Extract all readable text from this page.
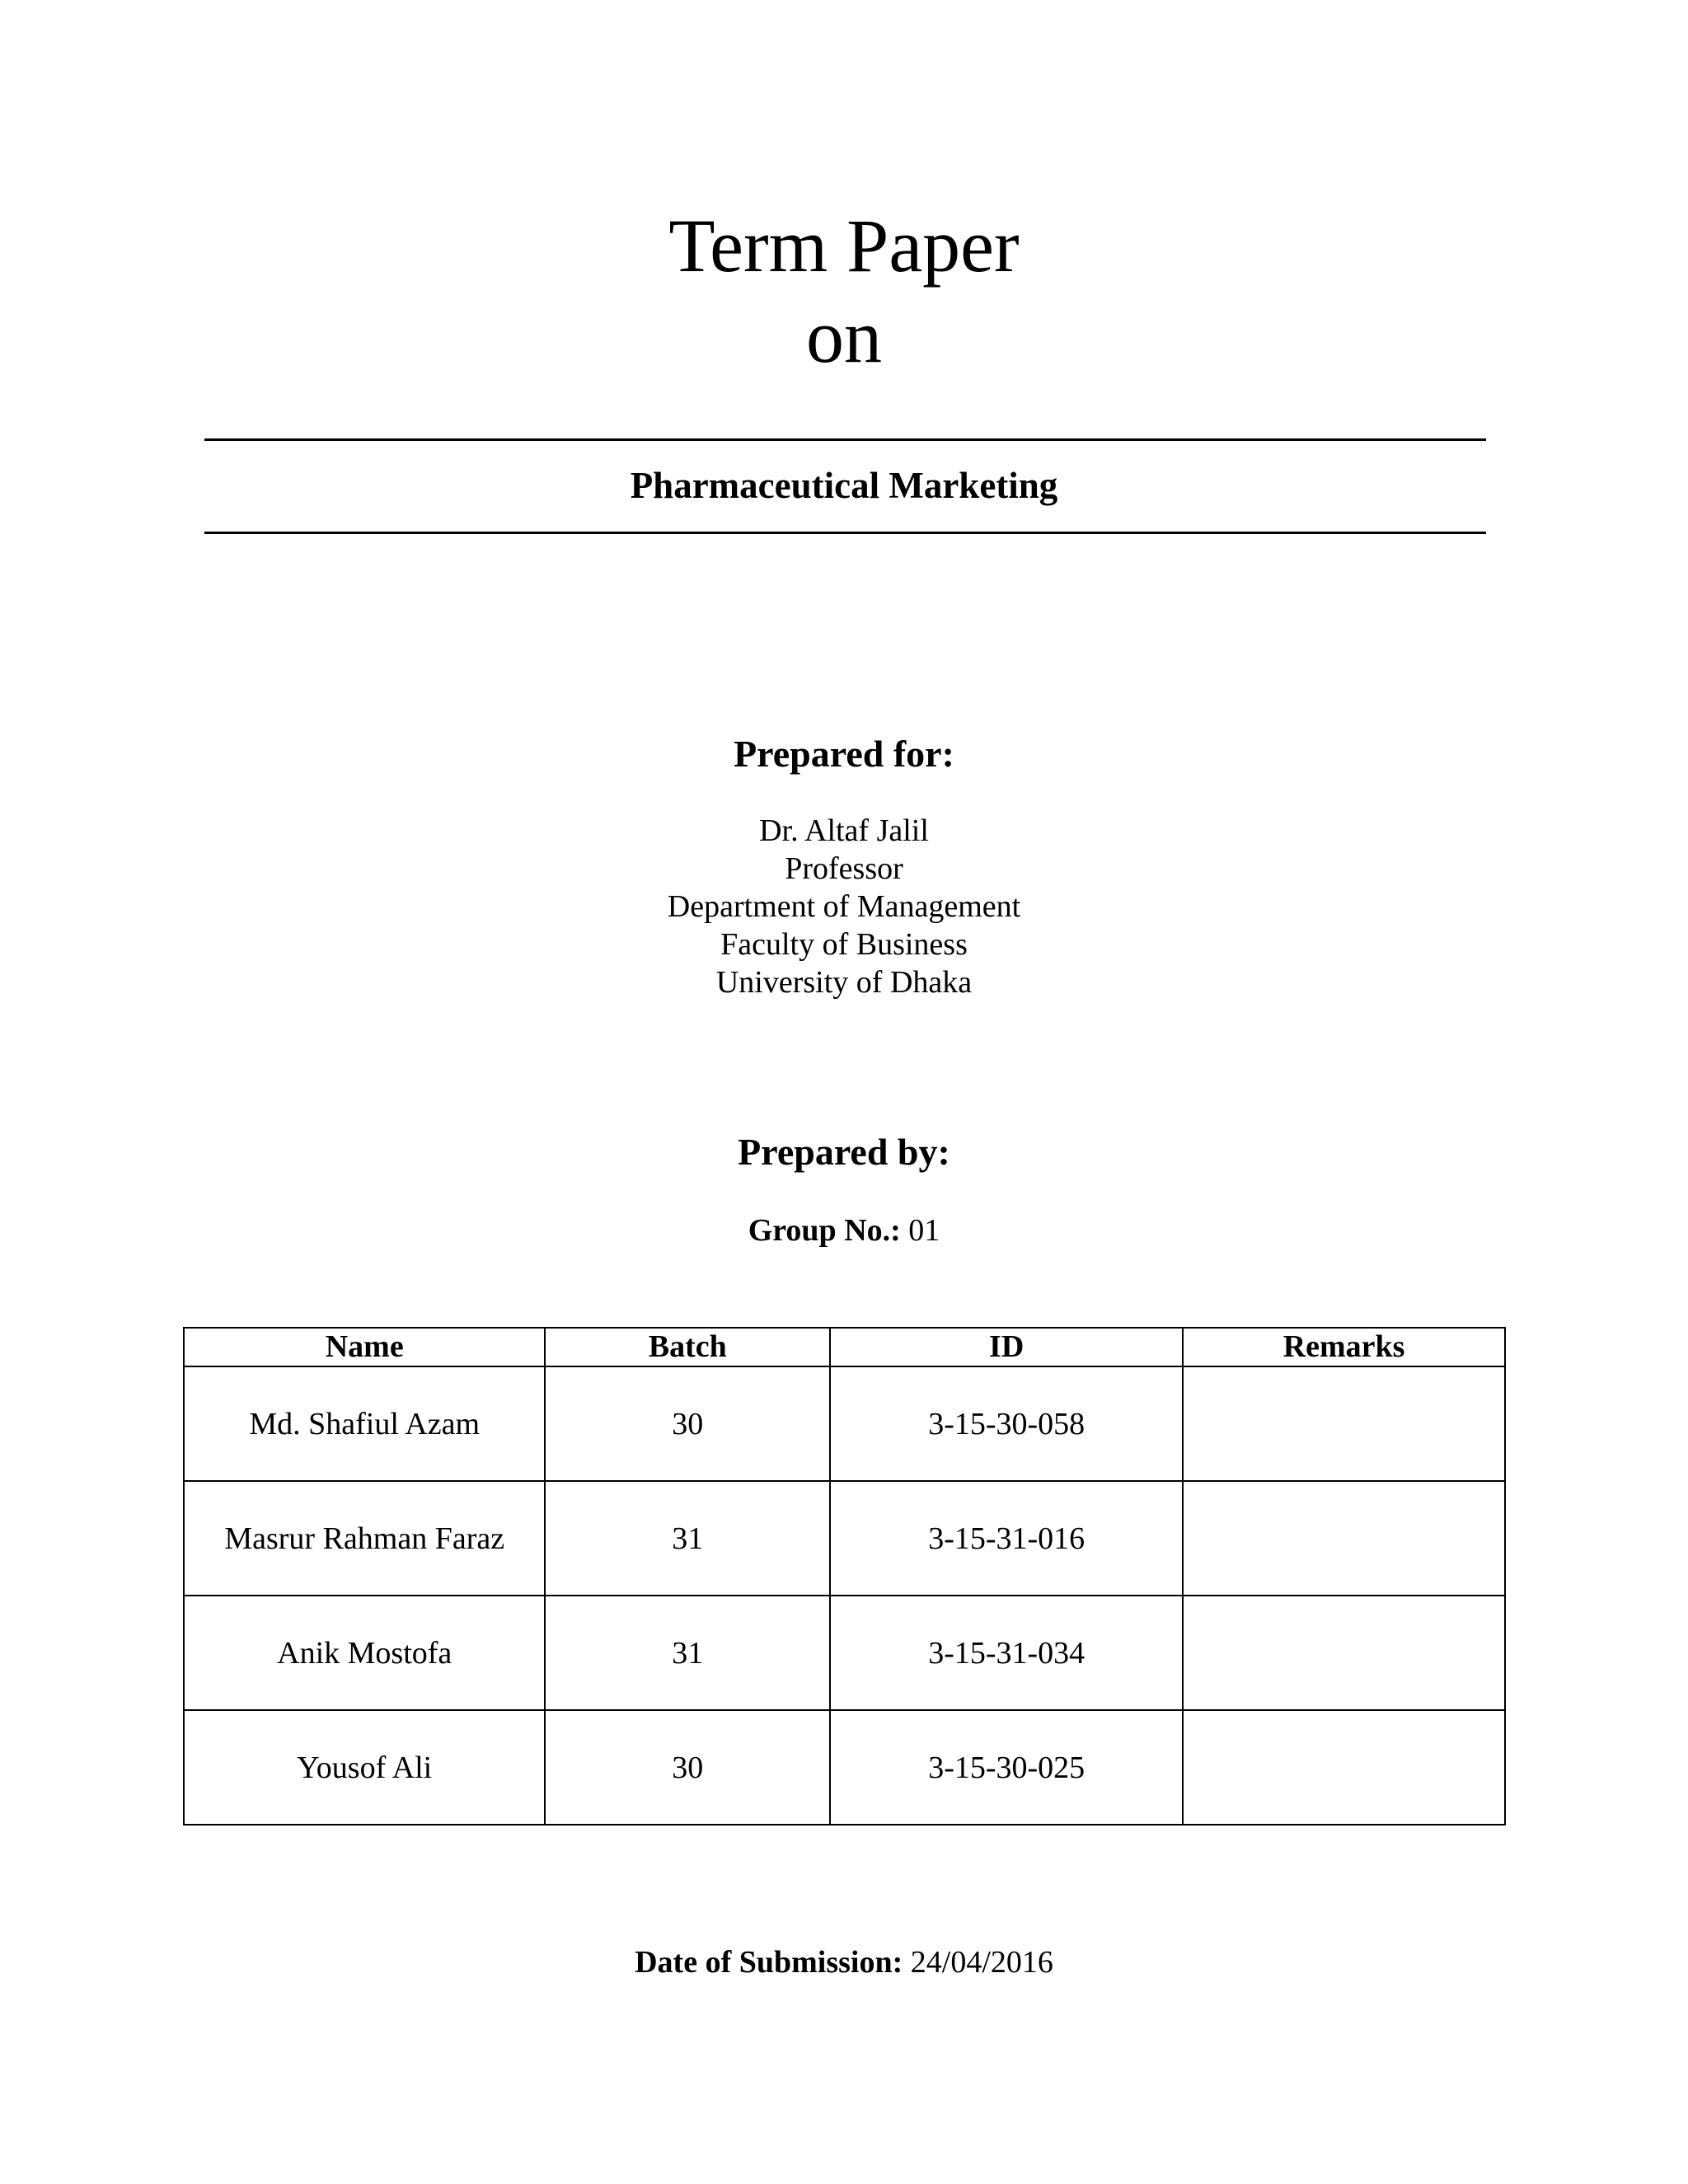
Term Paper
on
Pharmaceutical Marketing
Prepared for:
Dr. Altaf Jalil
Professor
Department of Management
Faculty of Business
University of Dhaka
Prepared by:
Group No.: 01
Name	Batch	ID	Remarks
Md. Shafiul Azam	30	3-15-30-058	
Masrur Rahman Faraz	31	3-15-31-016	
Anik Mostofa	31	3-15-31-034	
Yousof Ali	30	3-15-30-025	
Date of Submission: 24/04/2016
